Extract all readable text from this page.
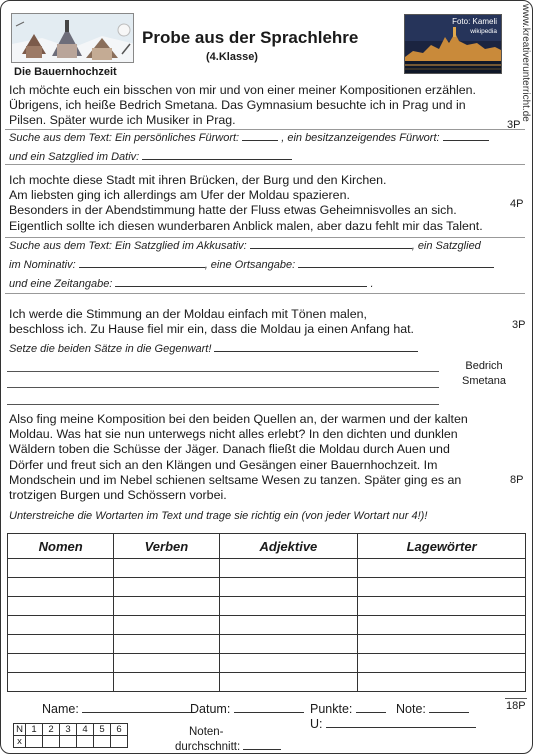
www.kreativerunterricht.de
Die Bauernhochzeit
Probe aus der Sprachlehre
(4.Klasse)
Foto: Kameli
wikipedia
Ich möchte euch ein bisschen von mir und von einer meiner Kompositionen erzählen.
Übrigens, ich heiße Bedrich Smetana. Das Gymnasium besuchte ich in Prag und in
Pilsen. Später wurde ich Musiker in Prag.	3P
Suche aus dem Text: Ein persönliches Fürwort:	, ein besitzanzeigendes Fürwort:
und ein Satzglied im Dativ:
Ich mochte diese Stadt mit ihren Brücken, der Burg und den Kirchen.
Am liebsten ging ich allerdings am Ufer der Moldau spazieren.
Besonders in der Abendstimmung hatte der Fluss etwas Geheimnisvolles an sich.
Eigentlich sollte ich diesen wunderbaren Anblick malen, aber dazu fehlt mir das Talent.
4P
Suche aus dem Text: Ein Satzglied im Akkusativ:	, ein Satzglied
im Nominativ:	, eine Ortsangabe:
und eine Zeitangabe:	.
Ich werde die Stimmung an der Moldau einfach mit Tönen malen,
beschloss ich. Zu Hause fiel mir ein, dass die Moldau ja einen Anfang hat.	3P
Setze die beiden Sätze in die Gegenwart!
Bedrich
Smetana
Also fing meine Komposition bei den beiden Quellen an, der warmen und der kalten
Moldau. Was hat sie nun unterwegs nicht alles erlebt? In den dichten und dunklen
Wäldern toben die Schüsse der Jäger. Danach fließt die Moldau durch Auen und
Dörfer und freut sich an den Klängen und Gesängen einer Bauernhochzeit. Im
Mondschein und im Nebel schienen seltsame Wesen zu tanzen. Später ging es an
trotzigen Burgen und Schössern vorbei.
8P
Unterstreiche die Wortarten im Text und trage sie richtig ein (von jeder Wortart nur 4!)!
Nomen	Verben	Adjektive	Lagewörter

Name:	Datum:	Punkte:	Note:
U:
18P
N	1	2	3	4	5	6
x						
Noten-
durchschnitt:
